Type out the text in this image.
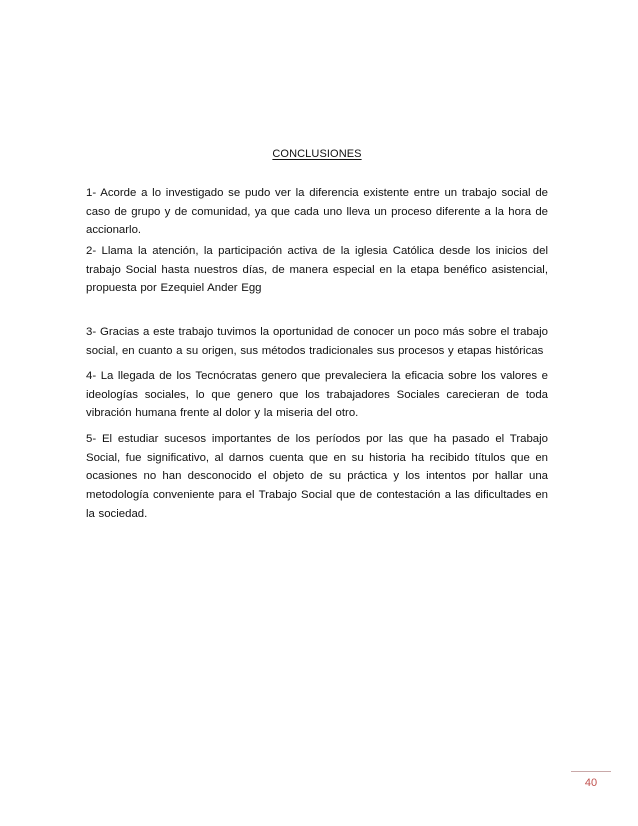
CONCLUSIONES

1- Acorde a lo investigado se pudo ver la diferencia existente entre un trabajo social de caso de grupo y de comunidad, ya que cada uno lleva un proceso diferente a la hora de accionarlo.

2- Llama la atención, la participación activa de la iglesia Católica desde los inicios del trabajo Social hasta nuestros días, de manera especial en la etapa benéfico asistencial, propuesta por Ezequiel Ander Egg

3- Gracias a este trabajo tuvimos la oportunidad de conocer un poco más sobre el trabajo social, en cuanto a su origen, sus métodos tradicionales sus procesos y etapas históricas

4- La llegada de los Tecnócratas genero que prevaleciera la eficacia sobre los valores e ideologías sociales, lo que genero que los trabajadores Sociales carecieran de toda vibración humana frente al dolor y la miseria del otro.

5- El estudiar sucesos importantes de los períodos por las que ha pasado el Trabajo Social, fue significativo, al darnos cuenta que en su historia ha recibido títulos que en ocasiones no han desconocido el objeto de su práctica y los intentos por hallar una metodología conveniente para el Trabajo Social que de contestación a las dificultades en la sociedad.

40
